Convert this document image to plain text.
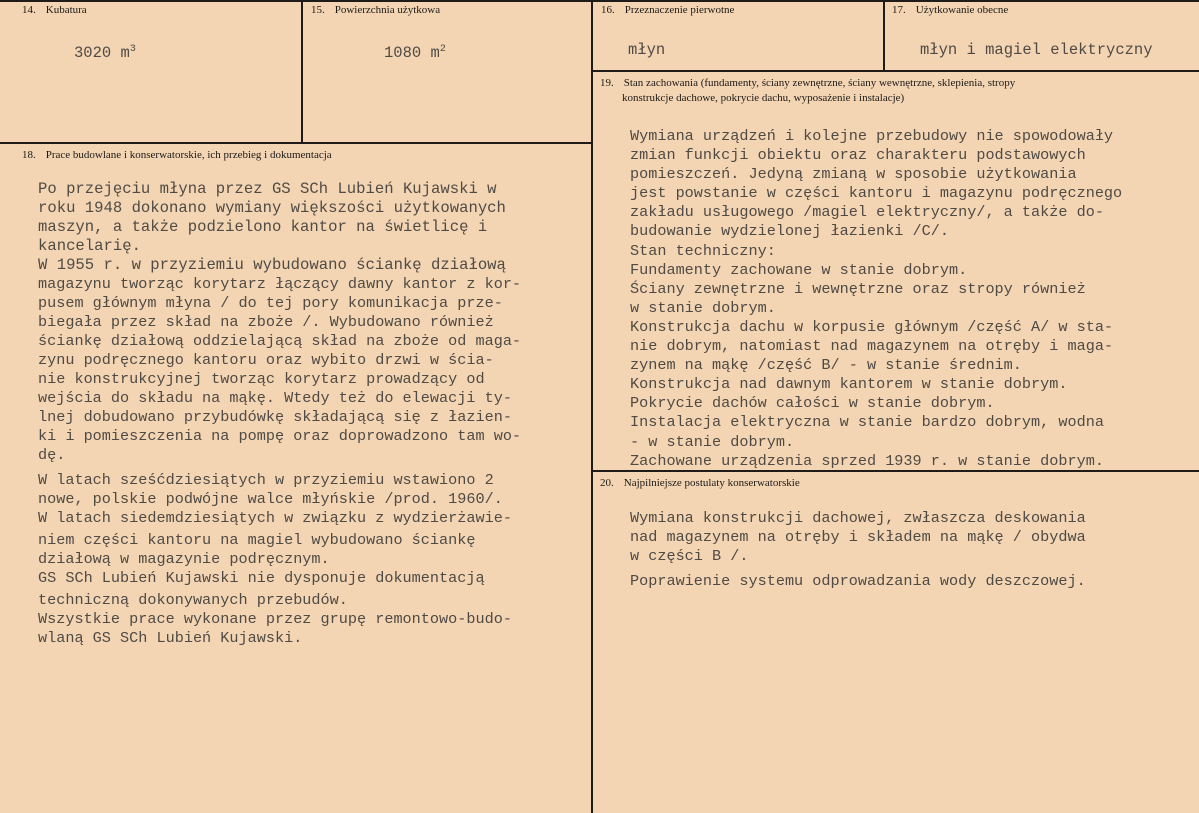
14. Kubatura
3020 $m^3$
15. Powierzchnia użytkowa
1080 $m^2$
16. Przeznaczenie pierwotne
młyn
17. Użytkowanie obecne
młyn i magiel elektryczny
19. Stan zachowania (fundamenty, ściany zewnętrzne, ściany wewnętrzne, sklepienia, stropy
konstrukcje dachowe, pokrycie dachu, wyposażenie i instalacje)
Wymiana urządzeń i kolejne przebudowy nie spowodowały
zmian funkcji obiektu oraz charakteru podstawowych
pomieszczeń. Jedyną zmianą w sposobie użytkowania
jest powstanie w części kantoru i magazynu podręcznego
zakładu usługowego /magiel elektryczny/, a także do-
budowanie wydzielonej łazienki /C/.
Stan techniczny:
Fundamenty zachowane w stanie dobrym.
Ściany zewnętrzne i wewnętrzne oraz stropy również
w stanie dobrym.
Konstrukcja dachu w korpusie głównym /część A/ w sta-
nie dobrym, natomiast nad magazynem na otręby i maga-
zynem na mąkę /część B/ - w stanie średnim.
Konstrukcja nad dawnym kantorem w stanie dobrym.
Pokrycie dachów całości w stanie dobrym.
Instalacja elektryczna w stanie bardzo dobrym, wodna
- w stanie dobrym.
Zachowane urządzenia sprzed 1939 r. w stanie dobrym.
18. Prace budowlane i konserwatorskie, ich przebieg i dokumentacja
Po przejęciu młyna przez GS SCh Lubień Kujawski w
roku 1948 dokonano wymiany większości użytkowanych
maszyn, a także podzielono kantor na świetlicę i
kancelarię.
W 1955 r. w przyziemiu wybudowano ściankę działową
magazynu tworząc korytarz łączący dawny kantor z kor-
pusem głównym młyna / do tej pory komunikacja prze-
biegała przez skład na zboże /. Wybudowano również
ściankę działową oddzielającą skład na zboże od maga-
zynu podręcznego kantoru oraz wybito drzwi w ścia-
nie konstrukcyjnej tworząc korytarz prowadzący od
wejścia do składu na mąkę. Wtedy też do elewacji ty-
lnej dobudowano przybudówkę składającą się z łazien-
ki i pomieszczenia na pompę oraz doprowadzono tam wo-
dę.
W latach sześćdziesiątych w przyziemiu wstawiono 2
nowe, polskie podwójne walce młyńskie /prod. 1960/.
W latach siedemdziesiątych w związku z wydzierżawie-
niem części kantoru na magiel wybudowano ściankę
działową w magazynie podręcznym.
GS SCh Lubień Kujawski nie dysponuje dokumentacją
techniczną dokonywanych przebudów.
Wszystkie prace wykonane przez grupę remontowo-budo-
wlaną GS SCh Lubień Kujawski.
20. Najpilniejsze postulaty konserwatorskie
Wymiana konstrukcji dachowej, zwłaszcza deskowania
nad magazynem na otręby i składem na mąkę / obydwa
w części B /.
Poprawienie systemu odprowadzania wody deszczowej.
